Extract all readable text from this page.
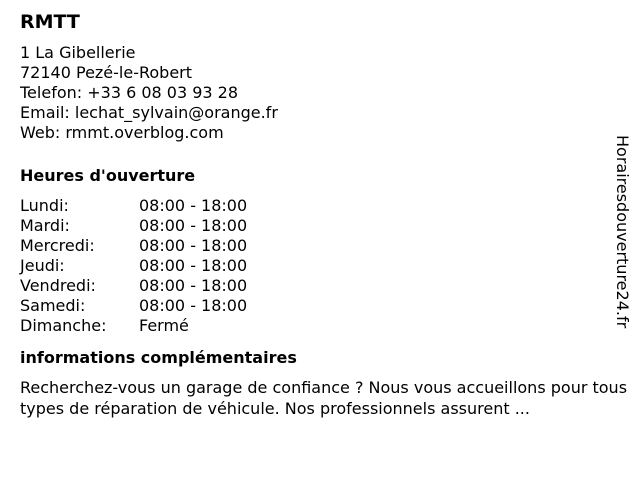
RMTT
1 La Gibellerie
72140 Pezé-le-Robert
Telefon: +33 6 08 03 93 28
Email: lechat_sylvain@orange.fr
Web: rmmt.overblog.com
Heures d'ouverture
Lundi:	08:00 - 18:00
Mardi:	08:00 - 18:00
Mercredi:	08:00 - 18:00
Jeudi:	08:00 - 18:00
Vendredi:	08:00 - 18:00
Samedi:	08:00 - 18:00
Dimanche:	Fermé
informations complémentaires
Recherchez-vous un garage de confiance ? Nous vous accueillons pour tous types de réparation de véhicule. Nos professionnels assurent ...
Horairesdouverture24.fr
